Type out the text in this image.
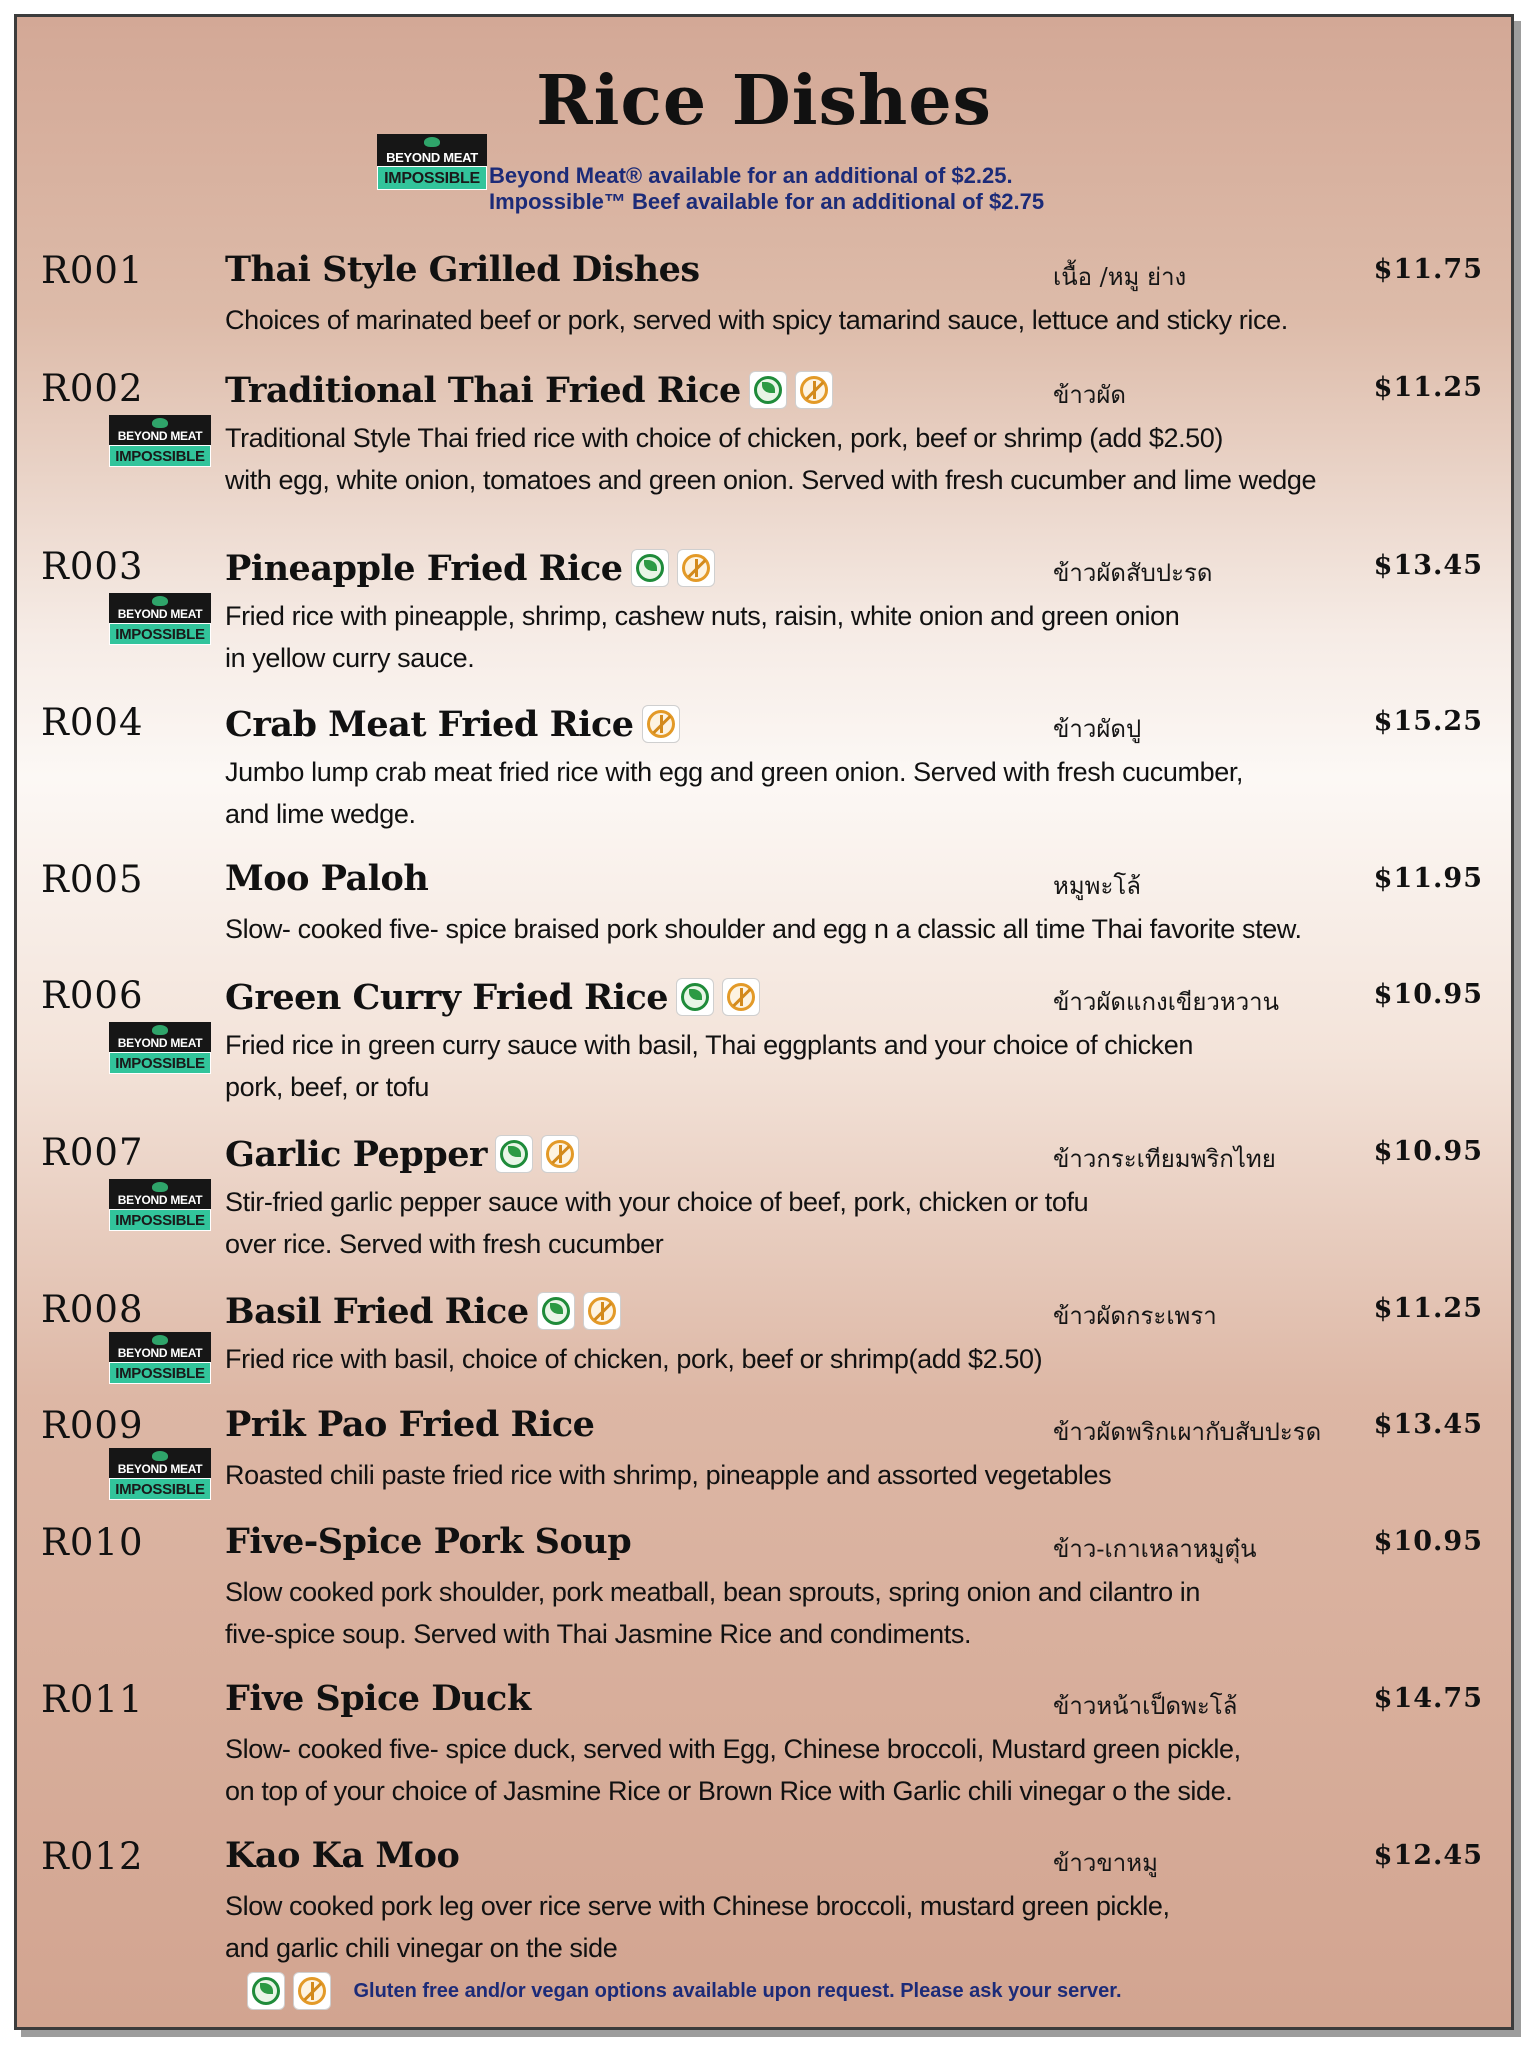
Rice Dishes
BEYOND MEAT
IMPOSSIBLE Beyond Meat® available for an additional of $2.25.
Impossible™ Beef available for an additional of $2.75
R001 Thai Style Grilled Dishes	เนื้อ /หมู ย่าง	$11.75
Choices of marinated beef or pork, served with spicy tamarind sauce, lettuce and sticky rice.
R002 Traditional Thai Fried Rice	ข้าวผัด	$11.25
BEYOND MEAT
IMPOSSIBLE
Traditional Style Thai fried rice with choice of chicken, pork, beef or shrimp (add $2.50)
with egg, white onion, tomatoes and green onion. Served with fresh cucumber and lime wedge
R003 Pineapple Fried Rice	ข้าวผัดสับปะรด	$13.45
BEYOND MEAT
IMPOSSIBLE
Fried rice with pineapple, shrimp, cashew nuts, raisin, white onion and green onion
in yellow curry sauce.
R004 Crab Meat Fried Rice	ข้าวผัดปู	$15.25
Jumbo lump crab meat fried rice with egg and green onion. Served with fresh cucumber,
and lime wedge.
R005 Moo Paloh	หมูพะโล้	$11.95
Slow- cooked five- spice braised pork shoulder and egg n a classic all time Thai favorite stew.
R006 Green Curry Fried Rice	ข้าวผัดแกงเขียวหวาน	$10.95
BEYOND MEAT
IMPOSSIBLE
Fried rice in green curry sauce with basil, Thai eggplants and your choice of chicken
pork, beef, or tofu
R007 Garlic Pepper	ข้าวกระเทียมพริกไทย	$10.95
BEYOND MEAT
IMPOSSIBLE
Stir-fried garlic pepper sauce with your choice of beef, pork, chicken or tofu
over rice. Served with fresh cucumber
R008 Basil Fried Rice	ข้าวผัดกระเพรา	$11.25
BEYOND MEAT
IMPOSSIBLE Fried rice with basil, choice of chicken, pork, beef or shrimp(add $2.50)
R009 Prik Pao Fried Rice	ข้าวผัดพริกเผากับสับปะรด $13.45
BEYOND MEAT
IMPOSSIBLE Roasted chili paste fried rice with shrimp, pineapple and assorted vegetables
R010 Five-Spice Pork Soup	ข้าว-เกาเหลาหมูตุ๋น	$10.95
Slow cooked pork shoulder, pork meatball, bean sprouts, spring onion and cilantro in
five-spice soup. Served with Thai Jasmine Rice and condiments.
R011 Five Spice Duck	ข้าวหน้าเป็ดพะโล้	$14.75
Slow- cooked five- spice duck, served with Egg, Chinese broccoli, Mustard green pickle,
on top of your choice of Jasmine Rice or Brown Rice with Garlic chili vinegar o the side.
R012 Kao Ka Moo	ข้าวขาหมู	$12.45
Slow cooked pork leg over rice serve with Chinese broccoli, mustard green pickle,
and garlic chili vinegar on the side
Gluten free and/or vegan options available upon request. Please ask your server.
